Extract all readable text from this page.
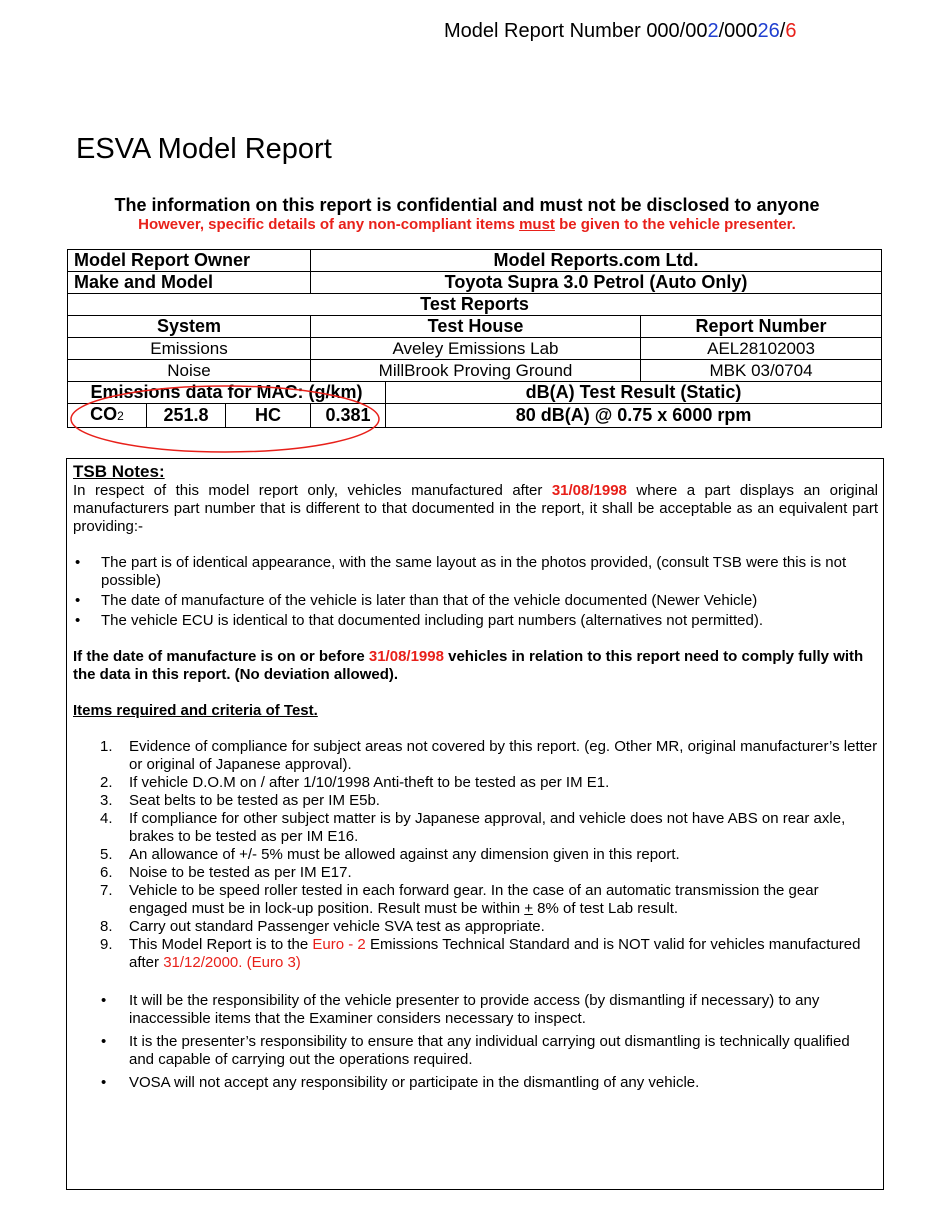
Model Report Number 000/002/00026/6
ESVA Model Report
The information on this report is confidential and must not be disclosed to anyone
However, specific details of any non-compliant items must be given to the vehicle presenter.
Model Report Owner			Model Reports.com Ltd.		
Make and Model			Toyota Supra 3.0 Petrol (Auto Only)		
Test Reports					
System			Test House		Report Number
Emissions			Aveley Emissions Lab		AEL28102003
Noise			MillBrook Proving Ground		MBK 03/0704
Emissions data for MAC: (g/km)				dB(A) Test Result (Static)	
CO2	251.8	HC	0.381	80 dB(A) @ 0.75 x 6000 rpm	
TSB Notes:
In respect of this model report only, vehicles manufactured after 31/08/1998 where a part displays an original manufacturers part number that is different to that documented in the report, it shall be acceptable as an equivalent part providing:-
• The part is of identical appearance, with the same layout as in the photos provided, (consult TSB were this is not possible)
• The date of manufacture of the vehicle is later than that of the vehicle documented (Newer Vehicle)
• The vehicle ECU is identical to that documented including part numbers (alternatives not permitted).
If the date of manufacture is on or before 31/08/1998 vehicles in relation to this report need to comply fully with the data in this report. (No deviation allowed).
Items required and criteria of Test.
1. Evidence of compliance for subject areas not covered by this report. (eg. Other MR, original manufacturer’s letter or original of Japanese approval).
2. If vehicle D.O.M on / after 1/10/1998 Anti-theft to be tested as per IM E1.
3. Seat belts to be tested as per IM E5b.
4. If compliance for other subject matter is by Japanese approval, and vehicle does not have ABS on rear axle, brakes to be tested as per IM E16.
5. An allowance of +/- 5% must be allowed against any dimension given in this report.
6. Noise to be tested as per IM E17.
7. Vehicle to be speed roller tested in each forward gear. In the case of an automatic transmission the gear engaged must be in lock-up position. Result must be within + 8% of test Lab result.
8. Carry out standard Passenger vehicle SVA test as appropriate.
9. This Model Report is to the Euro - 2 Emissions Technical Standard and is NOT valid for vehicles manufactured after 31/12/2000. (Euro 3)
• It will be the responsibility of the vehicle presenter to provide access (by dismantling if necessary) to any inaccessible items that the Examiner considers necessary to inspect.
• It is the presenter’s responsibility to ensure that any individual carrying out dismantling is technically qualified and capable of carrying out the operations required.
• VOSA will not accept any responsibility or participate in the dismantling of any vehicle.
